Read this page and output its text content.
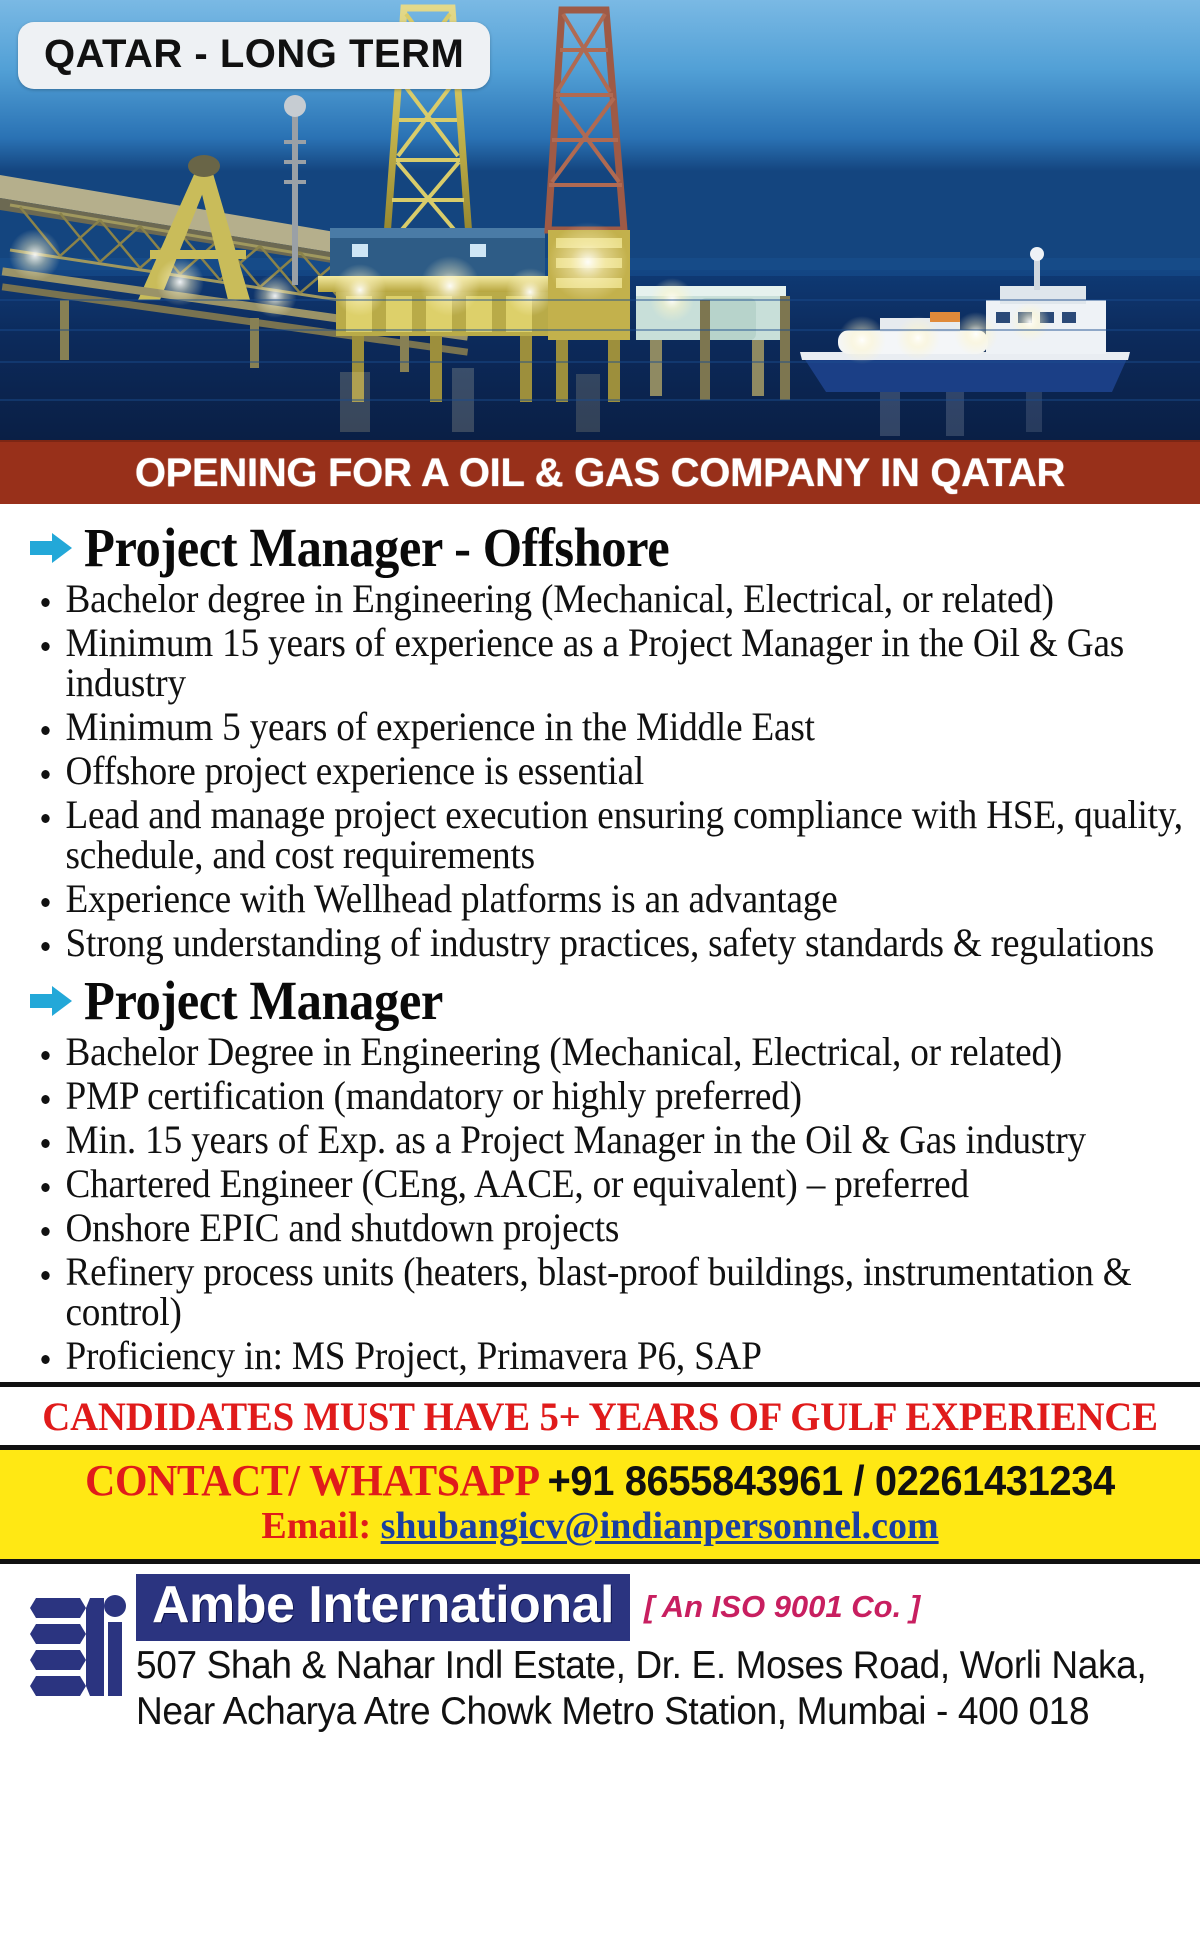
QATAR - LONG TERM
OPENING FOR A OIL & GAS COMPANY IN QATAR
Project Manager - Offshore
Bachelor degree in Engineering (Mechanical, Electrical, or related)
Minimum 15 years of experience as a Project Manager in the Oil & Gas industry
Minimum 5 years of experience in the Middle East
Offshore project experience is essential
Lead and manage project execution ensuring compliance with HSE, quality, schedule, and cost requirements
Experience with Wellhead platforms is an advantage
Strong understanding of industry practices, safety standards & regulations
Project Manager
Bachelor Degree in Engineering (Mechanical, Electrical, or related)
PMP certification (mandatory or highly preferred)
Min. 15 years of Exp. as a Project Manager in the Oil & Gas industry
Chartered Engineer (CEng, AACE, or equivalent) – preferred
Onshore EPIC and shutdown projects
Refinery process units (heaters, blast-proof buildings, instrumentation & control)
Proficiency in: MS Project, Primavera P6, SAP
CANDIDATES MUST HAVE 5+ YEARS OF GULF EXPERIENCE
CONTACT/ WHATSAPP +91 8655843961 / 02261431234
Email: shubangicv@indianpersonnel.com
Ambe International [ An ISO 9001 Co. ]
507 Shah & Nahar Indl Estate, Dr. E. Moses Road, Worli Naka,
Near Acharya Atre Chowk Metro Station, Mumbai - 400 018
